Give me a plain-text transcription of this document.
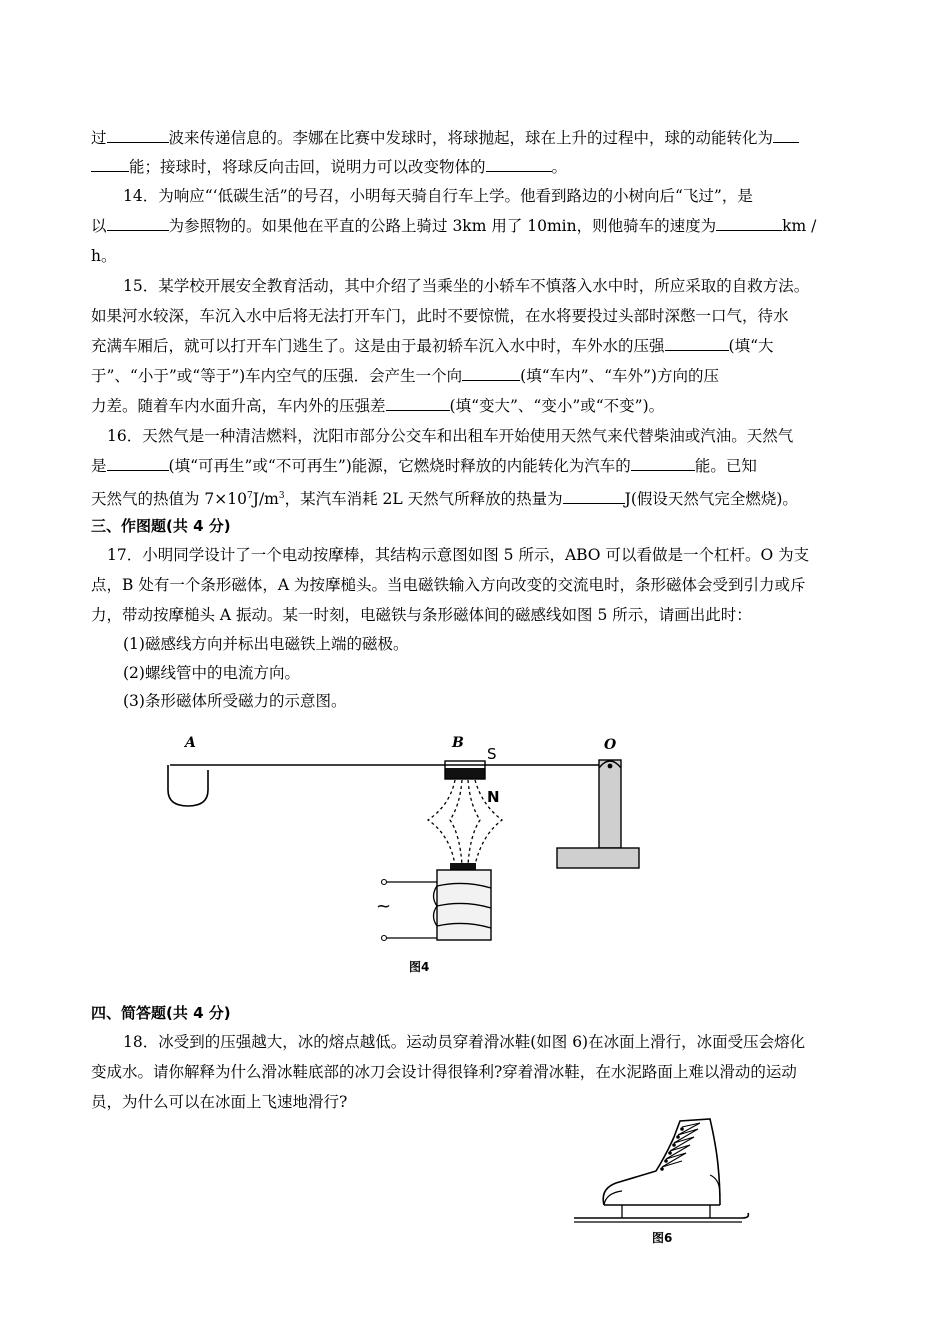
过	波来传递信息的。李娜在比赛中发球时，将球抛起，球在上升的过程中，球的动能转化为
能；接球时，将球反向击回，说明力可以改变物体的	。
14．为响应“‘低碳生活”的号召，小明每天骑自行车上学。他看到路边的小树向后“飞过”，是
以	为参照物的。如果他在平直的公路上骑过 3km 用了 10min，则他骑车的速度为	km /
h。
15．某学校开展安全教育活动，其中介绍了当乘坐的小轿车不慎落入水中时，所应采取的自救方法。
如果河水较深，车沉入水中后将无法打开车门，此时不要惊慌，在水将要投过头部时深憋一口气，待水
充满车厢后，就可以打开车门逃生了。这是由于最初轿车沉入水中时，车外水的压强	(填“大
于”、“小于”或“等于”)车内空气的压强．会产生一个向	(填“车内”、“车外”)方向的压
力差。随着车内水面升高，车内外的压强差	(填“变大”、“变小”或“不变”)。
16．天然气是一种清洁燃料，沈阳市部分公交车和出租车开始使用天然气来代替柴油或汽油。天然气
是	(填“可再生”或“不可再生”)能源，它燃烧时释放的内能转化为汽车的	能。已知
天然气的热值为 $7\times 10^7J/m^3$，某汽车消耗 2L 天然气所释放的热量为	J(假设天然气完全燃烧)。
三、作图题(共 4 分)
17．小明同学设计了一个电动按摩棒，其结构示意图如图 5 所示，ABO 可以看做是一个杠杆。O 为支
点，B 处有一个条形磁体，A 为按摩槌头。当电磁铁输入方向改变的交流电时，条形磁体会受到引力或斥
力，带动按摩槌头 A 振动。某一时刻，电磁铁与条形磁体间的磁感线如图 5 所示，请画出此时：
(1)磁感线方向并标出电磁铁上端的磁极。
(2)螺线管中的电流方向。
(3)条形磁体所受磁力的示意图。
A	B
S	O
N
~
图4
四、简答题(共 4 分)
18．冰受到的压强越大，冰的熔点越低。运动员穿着滑冰鞋(如图 6)在冰面上滑行，冰面受压会熔化
变成水。请你解释为什么滑冰鞋底部的冰刀会设计得很锋利?穿着滑冰鞋，在水泥路面上难以滑动的运动
员，为什么可以在冰面上飞速地滑行?
图6
